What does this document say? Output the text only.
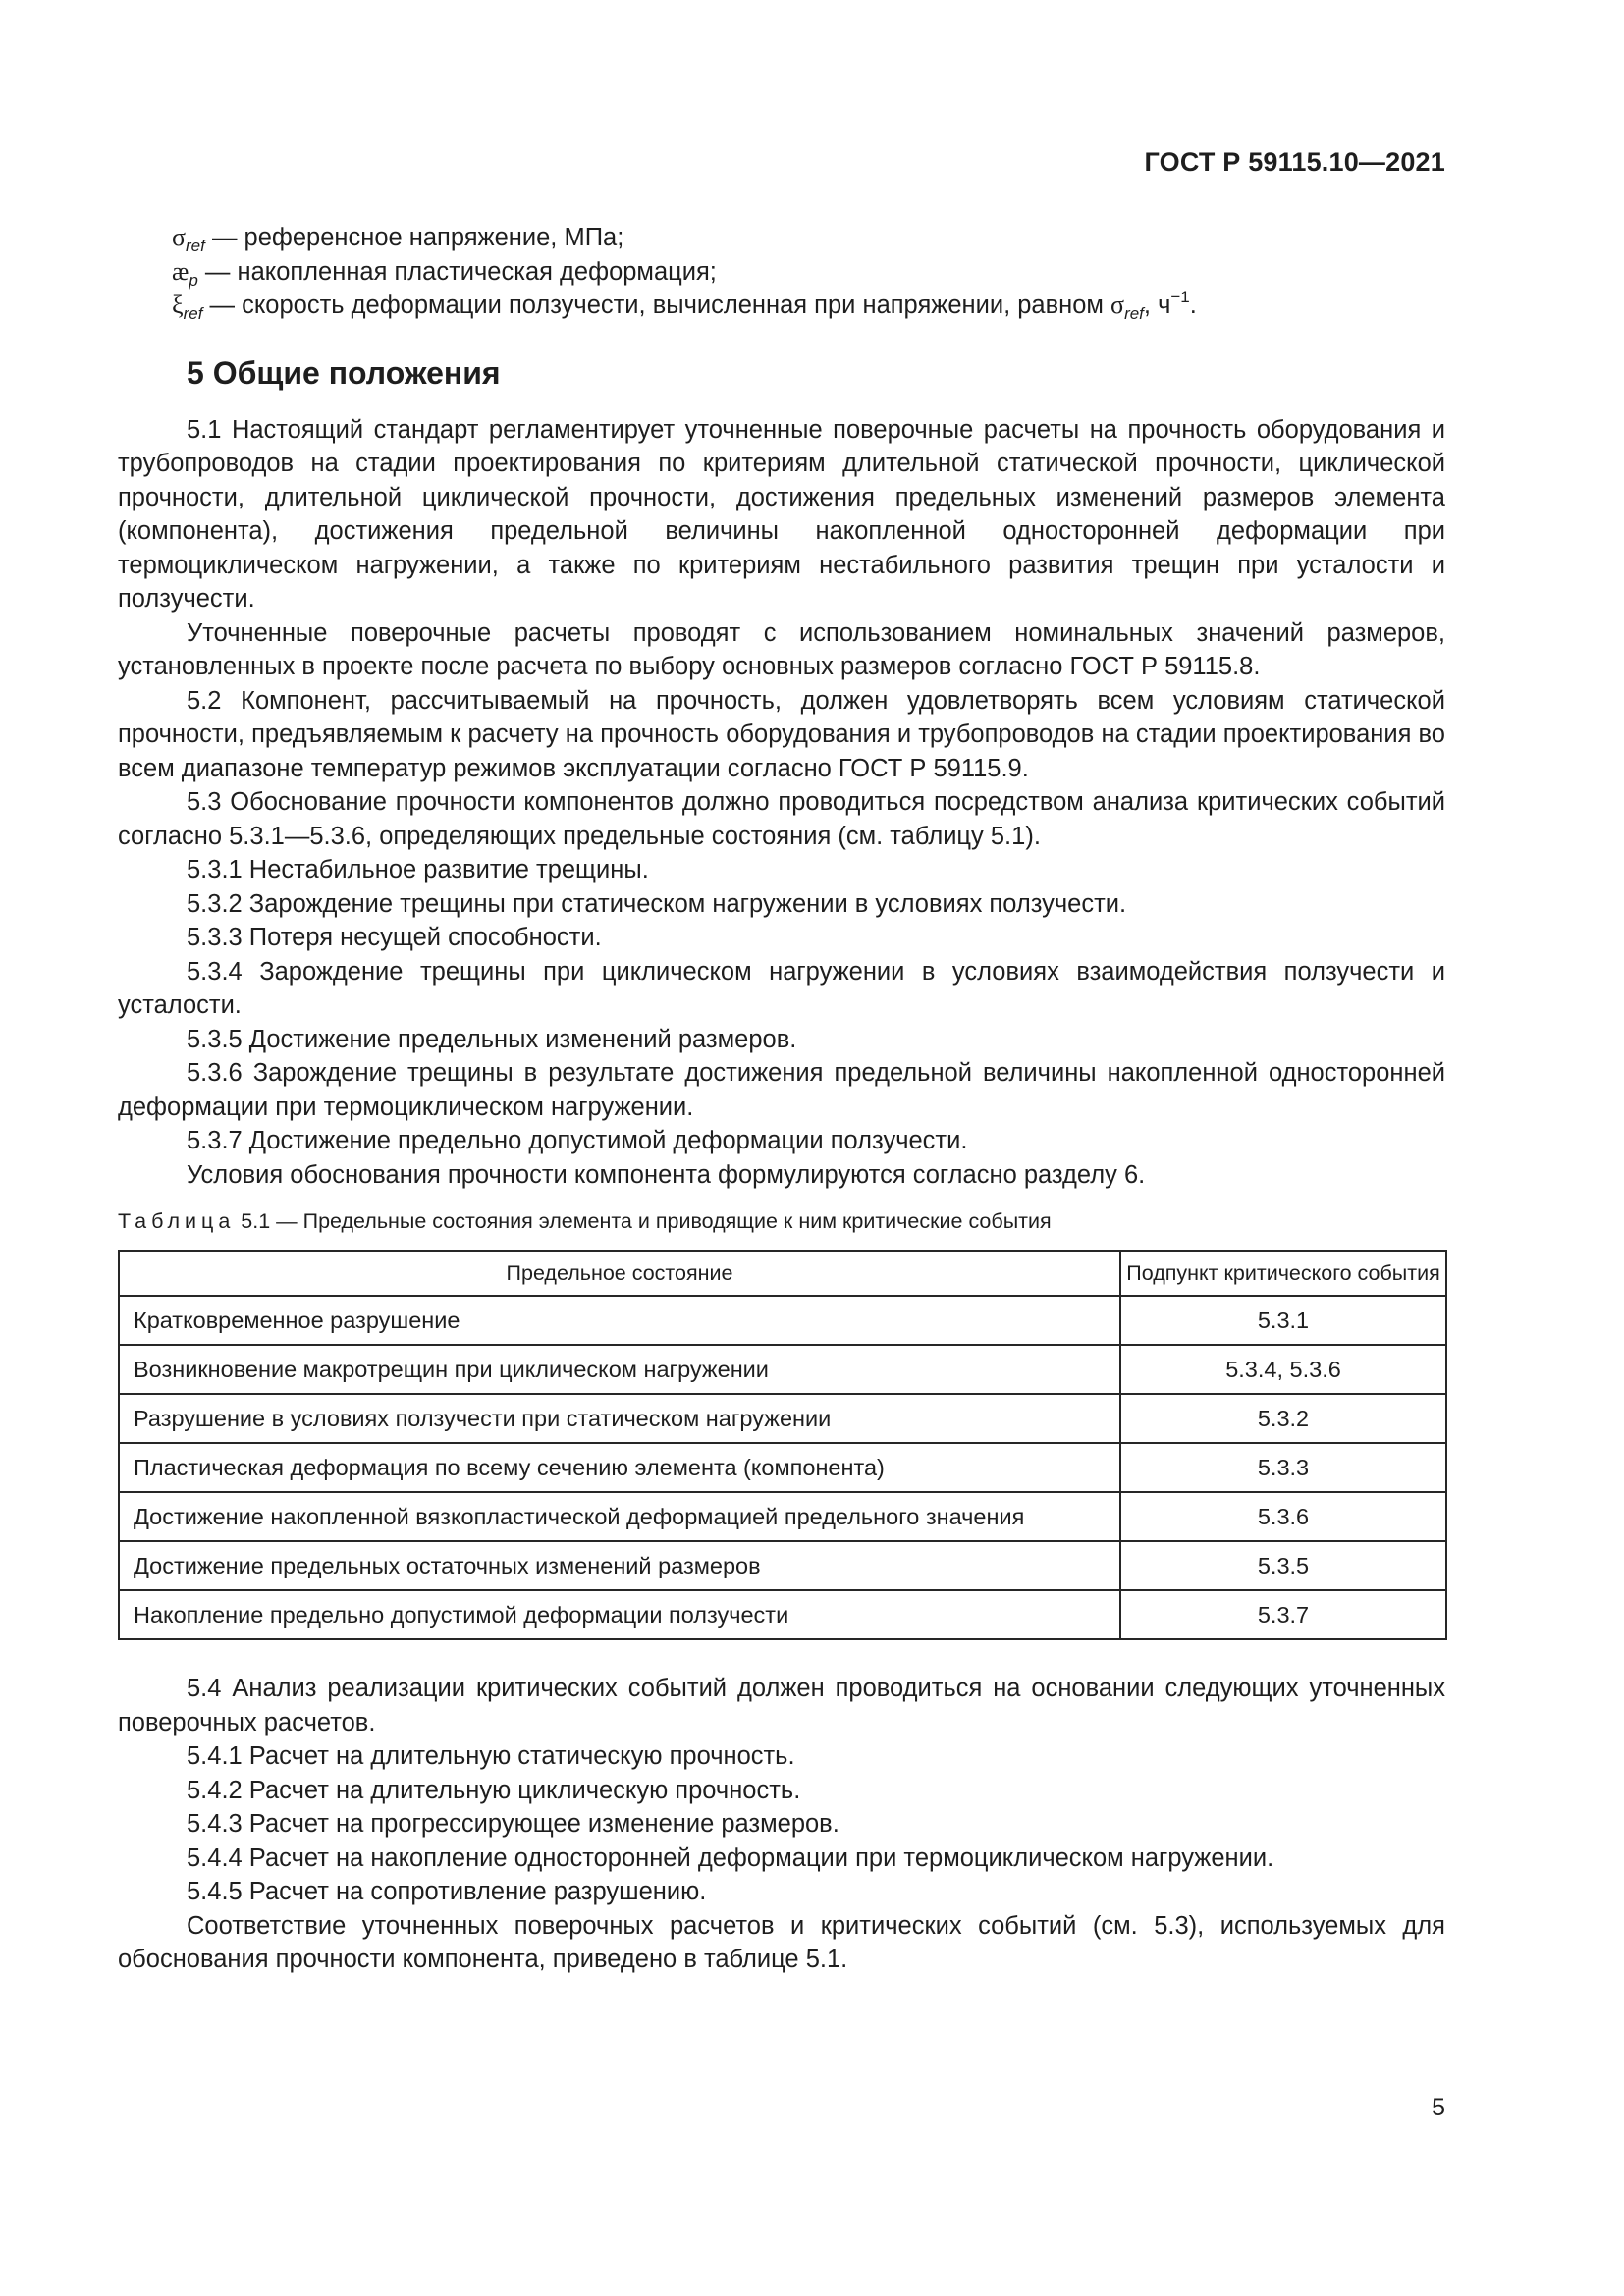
ГОСТ Р 59115.10—2021
$\sigma_{ref}$ — референсное напряжение, МПа;
$æ_p$ — накопленная пластическая деформация;
$\xi_{ref}$ — скорость деформации ползучести, вычисленная при напряжении, равном $\sigma_{ref}$, $ч^{-1}$.
5 Общие положения

5.1 Настоящий стандарт регламентирует уточненные поверочные расчеты на прочность оборудования и трубопроводов на стадии проектирования по критериям длительной статической прочности, циклической прочности, длительной циклической прочности, достижения предельных изменений размеров элемента (компонента), достижения предельной величины накопленной односторонней деформации при термоциклическом нагружении, а также по критериям нестабильного развития трещин при усталости и ползучести.

Уточненные поверочные расчеты проводят с использованием номинальных значений размеров, установленных в проекте после расчета по выбору основных размеров согласно ГОСТ Р 59115.8.

5.2 Компонент, рассчитываемый на прочность, должен удовлетворять всем условиям статической прочности, предъявляемым к расчету на прочность оборудования и трубопроводов на стадии проектирования во всем диапазоне температур режимов эксплуатации согласно ГОСТ Р 59115.9.

5.3 Обоснование прочности компонентов должно проводиться посредством анализа критических событий согласно 5.3.1—5.3.6, определяющих предельные состояния (см. таблицу 5.1).

5.3.1 Нестабильное развитие трещины.

5.3.2 Зарождение трещины при статическом нагружении в условиях ползучести.

5.3.3 Потеря несущей способности.

5.3.4 Зарождение трещины при циклическом нагружении в условиях взаимодействия ползучести и усталости.

5.3.5 Достижение предельных изменений размеров.

5.3.6 Зарождение трещины в результате достижения предельной величины накопленной односторонней деформации при термоциклическом нагружении.

5.3.7 Достижение предельно допустимой деформации ползучести.

Условия обоснования прочности компонента формулируются согласно разделу 6.

Таблица 5.1 — Предельные состояния элемента и приводящие к ним критические события
Предельное состояние	Подпункт критического события
Кратковременное разрушение	5.3.1
Возникновение макротрещин при циклическом нагружении	5.3.4, 5.3.6
Разрушение в условиях ползучести при статическом нагружении	5.3.2
Пластическая деформация по всему сечению элемента (компонента)	5.3.3
Достижение накопленной вязкопластической деформацией предельного значения	5.3.6
Достижение предельных остаточных изменений размеров	5.3.5
Накопление предельно допустимой деформации ползучести	5.3.7

5.4 Анализ реализации критических событий должен проводиться на основании следующих уточненных поверочных расчетов.

5.4.1 Расчет на длительную статическую прочность.

5.4.2 Расчет на длительную циклическую прочность.

5.4.3 Расчет на прогрессирующее изменение размеров.

5.4.4 Расчет на накопление односторонней деформации при термоциклическом нагружении.

5.4.5 Расчет на сопротивление разрушению.

Соответствие уточненных поверочных расчетов и критических событий (см. 5.3), используемых для обоснования прочности компонента, приведено в таблице 5.1.

5
